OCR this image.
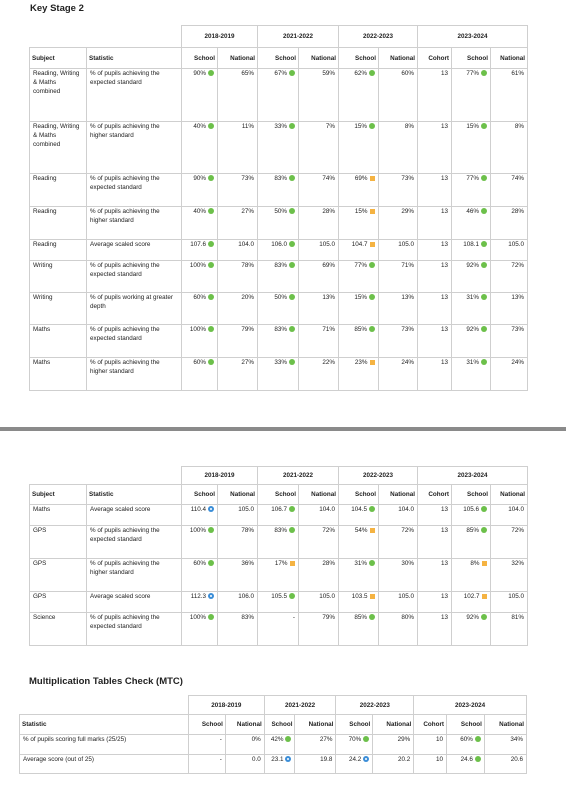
Key Stage 2
		2018-2019		2021-2022		2022-2023		2023-2024		
Subject	Statistic	School	National	School	National	School	National	Cohort	School	National
Reading, Writing & Maths combined	% of pupils achieving the expected standard	90%	65%	67%	59%	62%	60%	13	77%	61%
Reading, Writing & Maths combined	% of pupils achieving the higher standard	40%	11%	33%	7%	15%	8%	13	15%	8%
Reading	% of pupils achieving the expected standard	90%	73%	83%	74%	69%	73%	13	77%	74%
Reading	% of pupils achieving the higher standard	40%	27%	50%	28%	15%	29%	13	46%	28%
Reading	Average scaled score	107.6	104.0	106.0	105.0	104.7	105.0	13	108.1	105.0
Writing	% of pupils achieving the expected standard	100%	78%	83%	69%	77%	71%	13	92%	72%
Writing	% of pupils working at greater depth	60%	20%	50%	13%	15%	13%	13	31%	13%
Maths	% of pupils achieving the expected standard	100%	79%	83%	71%	85%	73%	13	92%	73%
Maths	% of pupils achieving the higher standard	60%	27%	33%	22%	23%	24%	13	31%	24%
		2018-2019		2021-2022		2022-2023		2023-2024		
Subject	Statistic	School	National	School	National	School	National	Cohort	School	National
Maths	Average scaled score	110.4	105.0	106.7	104.0	104.5	104.0	13	105.6	104.0
GPS	% of pupils achieving the expected standard	100%	78%	83%	72%	54%	72%	13	85%	72%
GPS	% of pupils achieving the higher standard	60%	36%	17%	28%	31%	30%	13	8%	32%
GPS	Average scaled score	112.3	106.0	105.5	105.0	103.5	105.0	13	102.7	105.0
Science	% of pupils achieving the expected standard	100%	83%	-	79%	85%	80%	13	92%	81%
Multiplication Tables Check (MTC)
	2018-2019		2021-2022		2022-2023		2023-2024		
Statistic	School	National	School	National	School	National	Cohort	School	National
% of pupils scoring full marks (25/25)	-	0%	42%	27%	70%	29%	10	60%	34%
Average score (out of 25)	-	0.0	23.1	19.8	24.2	20.2	10	24.6	20.6
